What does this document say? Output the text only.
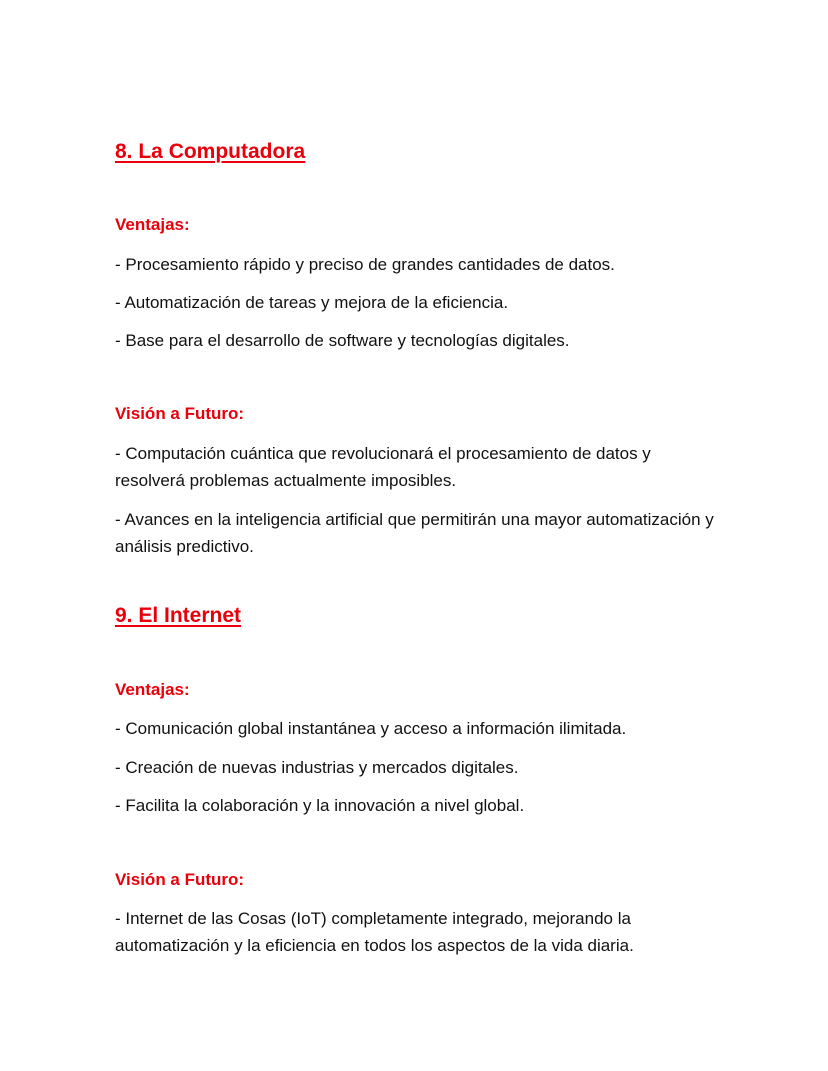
8. La Computadora
Ventajas:

- Procesamiento rápido y preciso de grandes cantidades de datos.

- Automatización de tareas y mejora de la eficiencia.

- Base para el desarrollo de software y tecnologías digitales.

Visión a Futuro:

- Computación cuántica que revolucionará el procesamiento de datos y resolverá problemas actualmente imposibles.

- Avances en la inteligencia artificial que permitirán una mayor automatización y análisis predictivo.

9. El Internet
Ventajas:

- Comunicación global instantánea y acceso a información ilimitada.

- Creación de nuevas industrias y mercados digitales.

- Facilita la colaboración y la innovación a nivel global.

Visión a Futuro:

- Internet de las Cosas (IoT) completamente integrado, mejorando la automatización y la eficiencia en todos los aspectos de la vida diaria.
